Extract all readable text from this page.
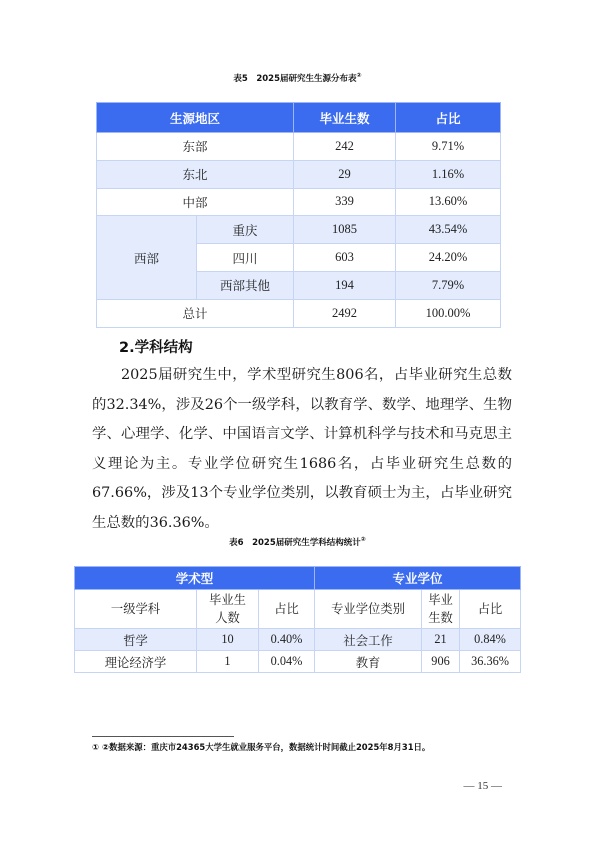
表5　2025届研究生生源分布表②
生源地区		毕业生数	占比
东部		242	9.71%
东北		29	1.16%
中部		339	13.60%
西部	重庆	1085	43.54%
	四川	603	24.20%
	西部其他	194	7.79%
总计		2492	100.00%
2.学科结构

2025届研究生中，学术型研究生806名，占毕业研究生总数的32.34%，涉及26个一级学科，以教育学、数学、地理学、生物学、心理学、化学、中国语言文学、计算机科学与技术和马克思主义理论为主。专业学位研究生1686名，占毕业研究生总数的67.66%，涉及13个专业学位类别，以教育硕士为主，占毕业研究生总数的36.36%。

表6　2025届研究生学科结构统计②
学术型			专业学位		
一级学科	毕业生人数	占比	专业学位类别	毕业生数	占比
哲学	10	0.40%	社会工作	21	0.84%
理论经济学	1	0.04%	教育	906	36.36%
① ②数据来源：重庆市24365大学生就业服务平台，数据统计时间截止2025年8月31日。
— 15 —
